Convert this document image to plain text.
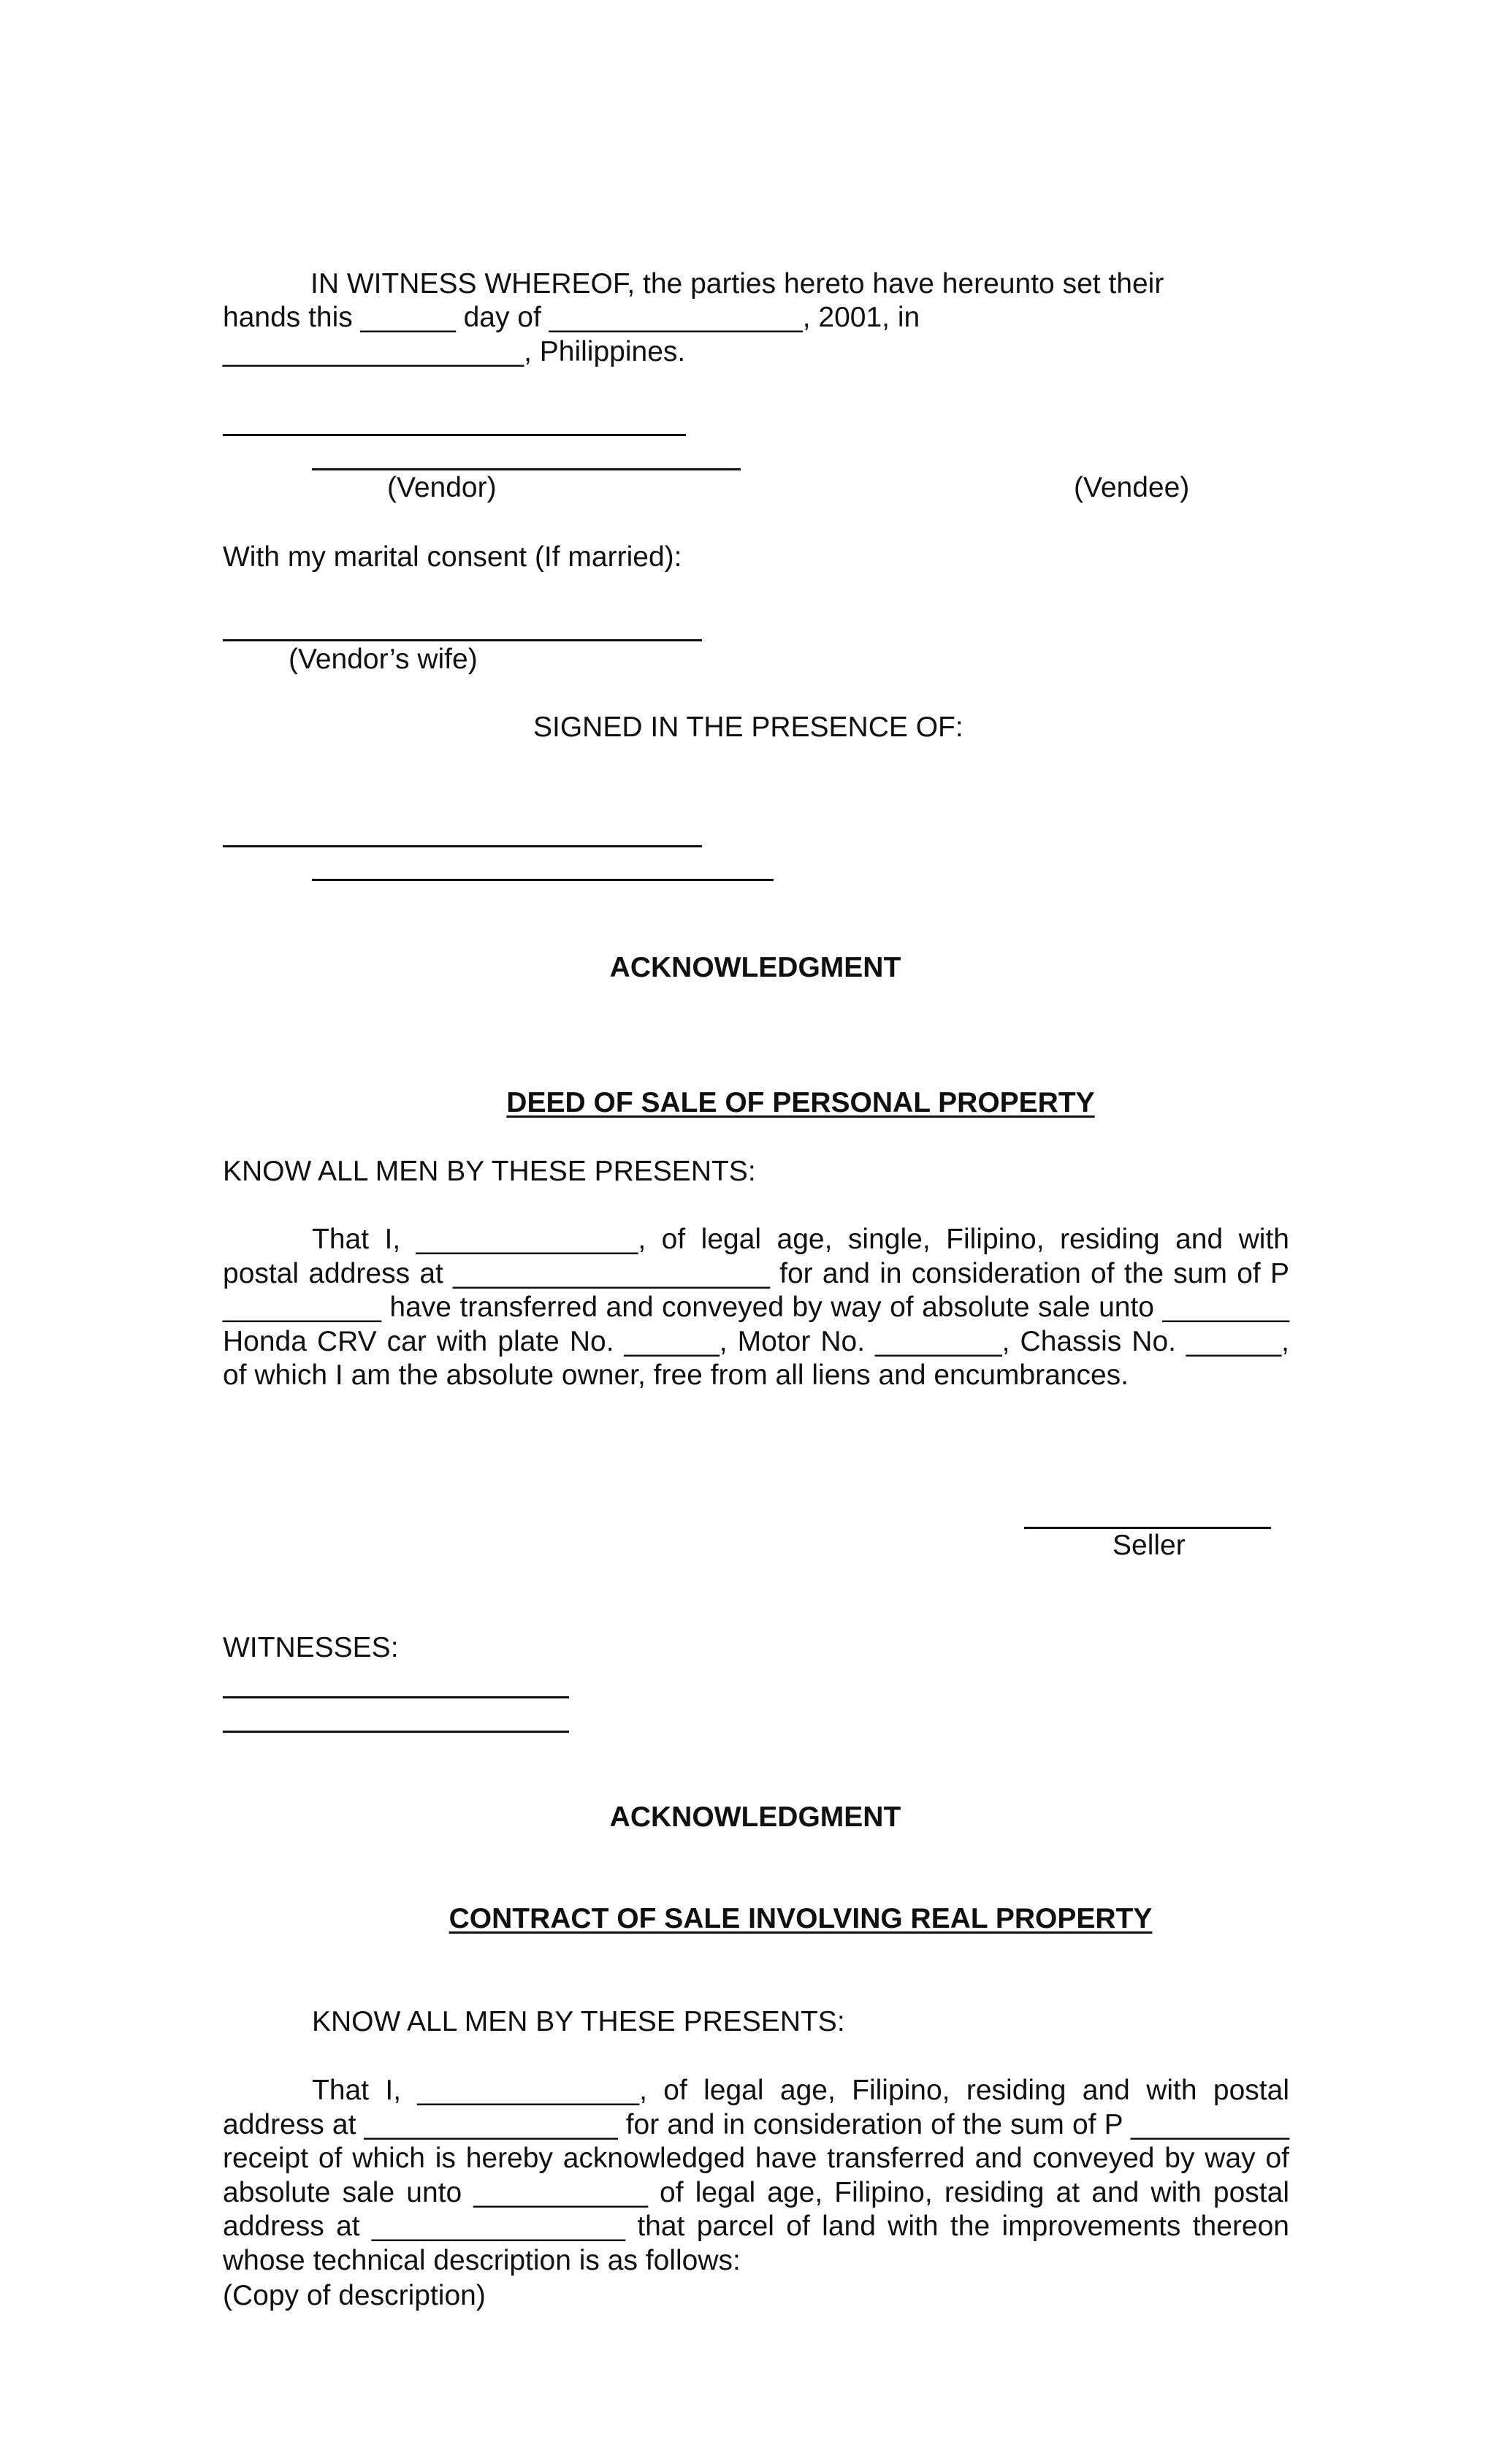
IN WITNESS WHEREOF, the parties hereto have hereunto set their

hands this ______ day of ________________, 2001, in

___________________, Philippines.

(Vendor)	(Vendee)

With my marital consent (If married):

(Vendor’s wife)

SIGNED IN THE PRESENCE OF:

ACKNOWLEDGMENT

DEED OF SALE OF PERSONAL PROPERTY

KNOW ALL MEN BY THESE PRESENTS:

That I, ______________, of legal age, single, Filipino, residing and with postal address at ____________________ for and in consideration of the sum of P __________ have transferred and conveyed by way of absolute sale unto ________ Honda CRV car with plate No. ______, Motor No. ________, Chassis No. ______, of which I am the absolute owner, free from all liens and encumbrances.

Seller

WITNESSES:

ACKNOWLEDGMENT

CONTRACT OF SALE INVOLVING REAL PROPERTY

KNOW ALL MEN BY THESE PRESENTS:

That I, ______________, of legal age, Filipino, residing and with postal address at ________________ for and in consideration of the sum of P __________ receipt of which is hereby acknowledged have transferred and conveyed by way of absolute sale unto ___________ of legal age, Filipino, residing at and with postal address at ________________ that parcel of land with the improvements thereon whose technical description is as follows:

(Copy of description)
